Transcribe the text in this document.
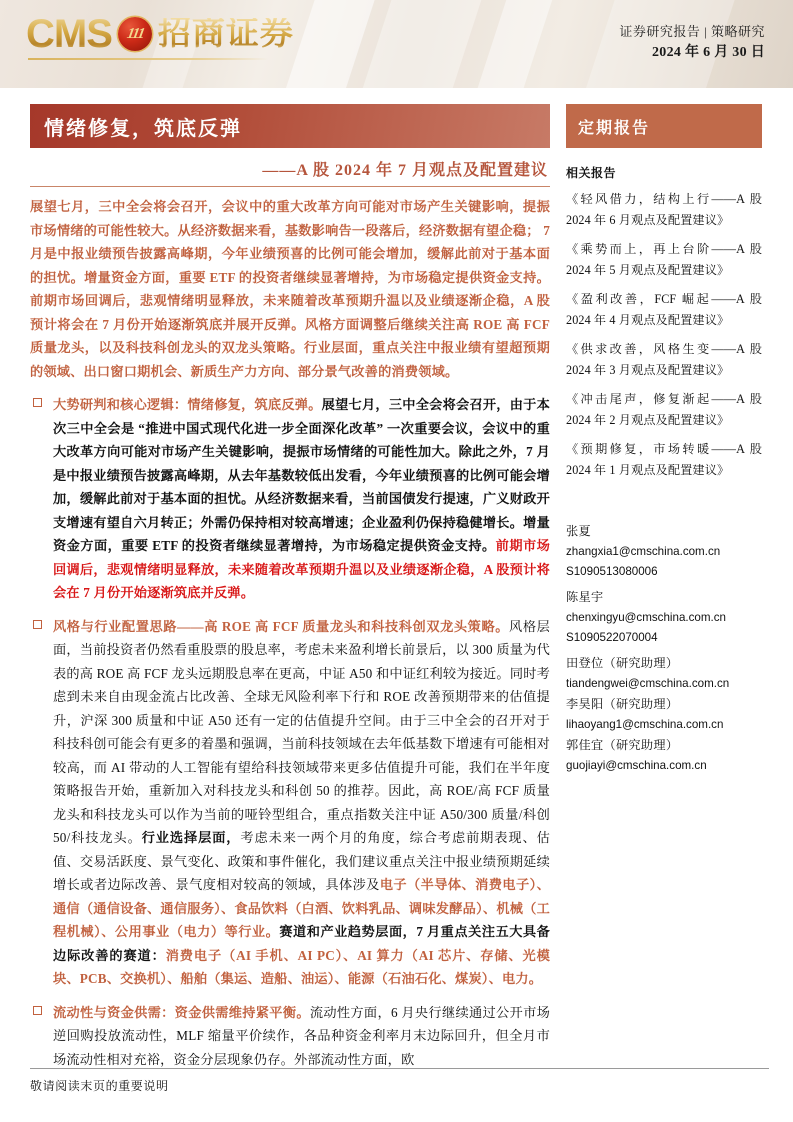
CMS 111 招商证券	证券研究报告 | 策略研究
2024 年 6 月 30 日
情绪修复，筑底反弹
——A 股 2024 年 7 月观点及配置建议

展望七月，三中全会将会召开，会议中的重大改革方向可能对市场产生关键影响，提振市场情绪的可能性较大。从经济数据来看，基数影响告一段落后，经济数据有望企稳； 7 月是中报业绩预告披露高峰期，今年业绩预喜的比例可能会增加，缓解此前对于基本面的担忧。增量资金方面，重要 ETF 的投资者继续显著增持，为市场稳定提供资金支持。前期市场回调后，悲观情绪明显释放，未来随着改革预期升温以及业绩逐渐企稳，A 股预计将会在 7 月份开始逐渐筑底并展开反弹。风格方面调整后继续关注高 ROE 高 FCF 质量龙头，以及科技科创龙头的双龙头策略。行业层面，重点关注中报业绩有望超预期的领域、出口窗口期机会、新质生产力方向、部分景气改善的消费领域。

大势研判和核心逻辑：情绪修复，筑底反弹。展望七月，三中全会将会召开，由于本次三中全会是 “推进中国式现代化进一步全面深化改革” 一次重要会议，会议中的重大改革方向可能对市场产生关键影响，提振市场情绪的可能性加大。除此之外，7 月是中报业绩预告披露高峰期，从去年基数较低出发看，今年业绩预喜的比例可能会增加，缓解此前对于基本面的担忧。从经济数据来看，当前国债发行提速，广义财政开支增速有望自六月转正；外需仍保持相对较高增速；企业盈利仍保持稳健增长。增量资金方面，重要 ETF 的投资者继续显著增持，为市场稳定提供资金支持。前期市场回调后，悲观情绪明显释放，未来随着改革预期升温以及业绩逐渐企稳，A 股预计将会在 7 月份开始逐渐筑底并反弹。
风格与行业配置思路——高 ROE 高 FCF 质量龙头和科技科创双龙头策略。风格层面，当前投资者仍然看重股票的股息率，考虑未来盈利增长前景后，以 300 质量为代表的高 ROE 高 FCF 龙头远期股息率在更高，中证 A50 和中证红利较为接近。同时考虑到未来自由现金流占比改善、全球无风险利率下行和 ROE 改善预期带来的估值提升，沪深 300 质量和中证 A50 还有一定的估值提升空间。由于三中全会的召开对于科技科创可能会有更多的着墨和强调，当前科技领域在去年低基数下增速有可能相对较高，而 AI 带动的人工智能有望给科技领域带来更多估值提升可能，我们在半年度策略报告开始，重新加入对科技龙头和科创 50 的推荐。因此，高 ROE/高 FCF 质量龙头和科技龙头可以作为当前的哑铃型组合，重点指数关注中证 A50/300 质量/科创 50/科技龙头。行业选择层面，考虑未来一两个月的角度，综合考虑前期表现、估值、交易活跃度、景气变化、政策和事件催化，我们建议重点关注中报业绩预期延续增长或者边际改善、景气度相对较高的领域，具体涉及电子（半导体、消费电子）、通信（通信设备、通信服务）、食品饮料（白酒、饮料乳品、调味发酵品）、机械（工程机械）、公用事业（电力）等行业。赛道和产业趋势层面，7 月重点关注五大具备边际改善的赛道：消费电子（AI 手机、AI PC）、AI 算力（AI 芯片、存储、光模块、PCB、交换机）、船舶（集运、造船、油运）、能源（石油石化、煤炭）、电力。
流动性与资金供需：资金供需维持紧平衡。流动性方面，6 月央行继续通过公开市场逆回购投放流动性，MLF 缩量平价续作，各品种资金利率月末边际回升，但全月市场流动性相对充裕，资金分层现象仍存。外部流动性方面，欧
定期报告
相关报告

《轻风借力，结构上行——A 股 2024 年 6 月观点及配置建议》

《乘势而上，再上台阶——A 股 2024 年 5 月观点及配置建议》

《盈利改善，FCF 崛起——A 股 2024 年 4 月观点及配置建议》

《供求改善，风格生变——A 股 2024 年 3 月观点及配置建议》

《冲击尾声，修复渐起——A 股 2024 年 2 月观点及配置建议》

《预期修复，市场转暖——A 股 2024 年 1 月观点及配置建议》

张夏

zhangxia1@cmschina.com.cn

S1090513080006

陈星宇

chenxingyu@cmschina.com.cn

S1090522070004

田登位（研究助理）

tiandengwei@cmschina.com.cn

李昊阳（研究助理）

lihaoyang1@cmschina.com.cn

郭佳宜（研究助理）

guojiayi@cmschina.com.cn

敬请阅读末页的重要说明
